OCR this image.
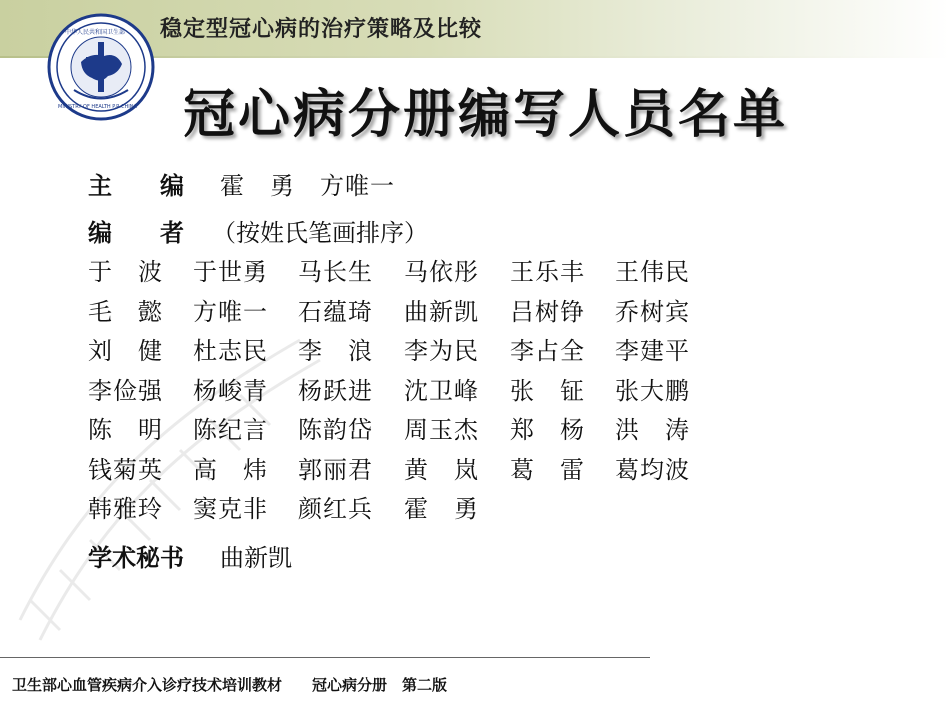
稳定型冠心病的治疗策略及比较
中华人民共和国卫生部
MINISTRY OF HEALTH P.R.CHINA 冠心病分册编写人员名单
主　　编 霍　勇　方唯一
编　　者 （按姓氏笔画排序）
于　波 于世勇 马长生 马依彤 王乐丰 王伟民
毛　懿 方唯一 石蕴琦 曲新凯 吕树铮 乔树宾
刘　健 杜志民 李　浪 李为民 李占全 李建平
李俭强 杨峻青 杨跃进 沈卫峰 张　钲 张大鹏
陈　明 陈纪言 陈韵岱 周玉杰 郑　杨 洪　涛
钱菊英 高　炜 郭丽君 黄　岚 葛　雷 葛均波
韩雅玲 窦克非 颜红兵 霍　勇
学术秘书 曲新凯
卫生部心血管疾病介入诊疗技术培训教材　　冠心病分册　第二版
